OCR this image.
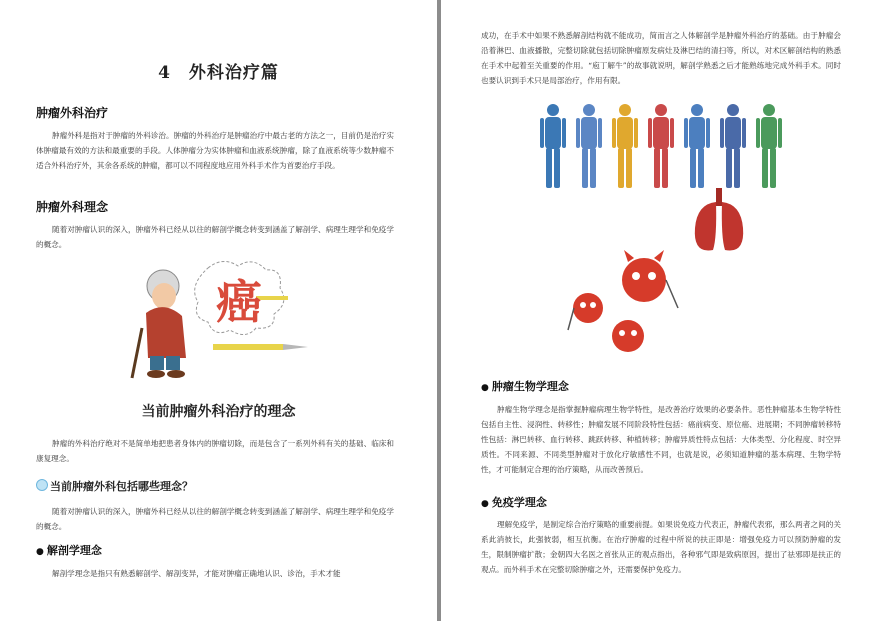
4　外科治疗篇
肿瘤外科治疗
肿瘤外科是指对于肿瘤的外科诊治。肿瘤的外科治疗是肿瘤治疗中最古老的方法之一，目前仍是治疗实体肿瘤最有效的方法和最重要的手段。人体肿瘤分为实体肿瘤和血液系统肿瘤，除了血液系统等少数肿瘤不适合外科治疗外，其余各系统的肿瘤，都可以不同程度地应用外科手术作为首要治疗手段。
肿瘤外科理念
随着对肿瘤认识的深入，肿瘤外科已经从以往的解剖学概念转变到涵盖了解剖学、病理生理学和免疫学的概念。
癌
当前肿瘤外科治疗的理念
肿瘤的外科治疗绝对不是简单地把患者身体内的肿瘤切除，而是包含了一系列外科有关的基础、临床和康复理念。
当前肿瘤外科包括哪些理念？
随着对肿瘤认识的深入，肿瘤外科已经从以往的解剖学概念转变到涵盖了解剖学、病理生理学和免疫学的概念。
● 解剖学理念
解剖学理念是指只有熟悉解剖学、解剖变异，才能对肿瘤正确地认识、诊治，手术才能
成功，在手术中如果不熟悉解剖结构就不能成功，简而言之人体解剖学是肿瘤外科治疗的基础。由于肿瘤会沿着淋巴、血液播散，完整切除就包括切除肿瘤原发病灶及淋巴结的清扫等，所以，对术区解剖结构的熟悉在手术中起着至关重要的作用。“庖丁解牛”的故事就说明，解剖学熟悉之后才能熟练地完成外科手术。同时也要认识到手术只是局部治疗，作用有限。
● 肿瘤生物学理念
肿瘤生物学理念是指掌握肿瘤病理生物学特性，是改善治疗效果的必要条件。恶性肿瘤基本生物学特性包括自主性、浸润性、转移性；肿瘤发展不同阶段特性包括：癌前病变、原位癌、进展期；不同肿瘤转移特性包括：淋巴转移、血行转移、跳跃转移、种植转移；肿瘤异质性特点包括：大体类型、分化程度、时空异质性。不同来源、不同类型肿瘤对于放化疗敏感性不同，也就是说，必须知道肿瘤的基本病理、生物学特性，才可能制定合理的治疗策略，从而改善预后。
● 免疫学理念
理解免疫学，是制定综合治疗策略的重要前提。如果说免疫力代表正，肿瘤代表邪，那么两者之间的关系此消彼长，此强彼弱，相互抗衡。在治疗肿瘤的过程中所说的扶正即是：增强免疫力可以预防肿瘤的发生，限制肿瘤扩散；金朝四大名医之首张从正的观点指出，各种邪气即是致病原因，提出了祛邪即是扶正的观点。而外科手术在完整切除肿瘤之外，还需要保护免疫力。
